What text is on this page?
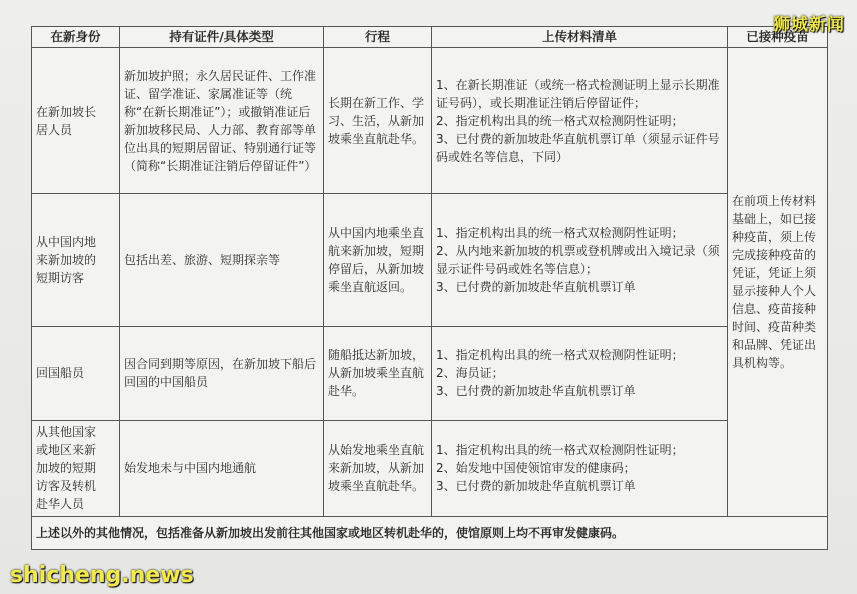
在新身份	持有证件/具体类型	行程	上传材料清单	已接种疫苗
在新加坡长
居人员	新加坡护照；永久居民证件、工作准证、留学准证、家属准证等（统称“在新长期准证”）；或撤销准证后新加坡移民局、人力部、教育部等单位出具的短期居留证、特别通行证等（简称“长期准证注销后停留证件”）	长期在新工作、学习、生活，从新加坡乘坐直航赴华。	1、在新长期准证（或统一格式检测证明上显示长期准证号码），或长期准证注销后停留证件；
2、指定机构出具的统一格式双检测阴性证明；
3、已付费的新加坡赴华直航机票订单（须显示证件号码或姓名等信息，下同）	在前项上传材料基础上，如已接种疫苗，须上传完成接种疫苗的凭证，凭证上须显示接种人个人信息、疫苗接种时间、疫苗种类和品牌、凭证出具机构等。
从中国内地
来新加坡的
短期访客	包括出差、旅游、短期探亲等	从中国内地乘坐直航来新加坡，短期停留后，从新加坡乘坐直航返回。	1、指定机构出具的统一格式双检测阴性证明；
2、从内地来新加坡的机票或登机牌或出入境记录（须显示证件号码或姓名等信息）；
3、已付费的新加坡赴华直航机票订单	
回国船员	因合同到期等原因，在新加坡下船后回国的中国船员	随船抵达新加坡，从新加坡乘坐直航赴华。	1、指定机构出具的统一格式双检测阴性证明；
2、海员证；
3、已付费的新加坡赴华直航机票订单	
从其他国家
或地区来新
加坡的短期
访客及转机
赴华人员	始发地未与中国内地通航	从始发地乘坐直航来新加坡，从新加坡乘坐直航赴华。	1、指定机构出具的统一格式双检测阴性证明；
2、始发地中国使领馆审发的健康码；
3、已付费的新加坡赴华直航机票订单	
上述以外的其他情况，包括准备从新加坡出发前往其他国家或地区转机赴华的，使馆原则上均不再审发健康码。				
狮城新闻
shicheng.news
